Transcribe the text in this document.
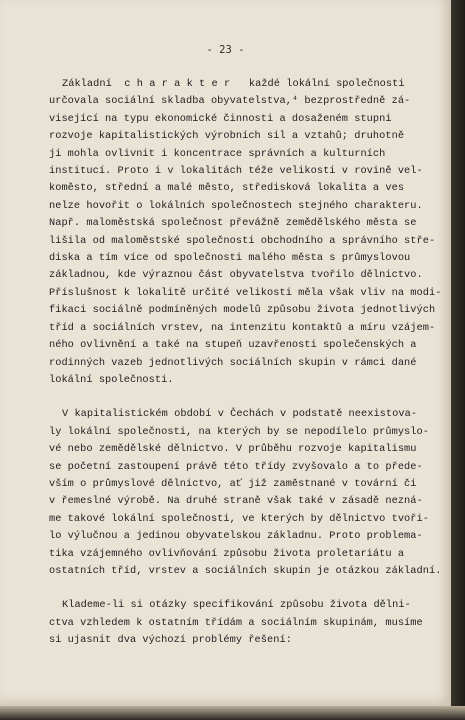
- 23 -
Základní  c h a r a k t e r   každé lokální společnosti
určovala sociální skladba obyvatelstva,⁴ bezprostředně zá-
visející na typu ekonomické činnosti a dosaženém stupni
rozvoje kapitalistických výrobních sil a vztahů; druhotně
ji mohla ovlivnit i koncentrace správních a kulturních
institucí. Proto i v lokalitách téže velikosti v rovině vel-
koměsto, střední a malé město, středisková lokalita a ves
nelze hovořit o lokálních společnostech stejného charakteru.
Např. maloměstská společnost převážně zemědělského města se
lišila od maloměstské společnosti obchodního a správního stře-
diska a tím více od společnosti malého města s průmyslovou
základnou, kde výraznou část obyvatelstva tvořilo dělnictvo.
Příslušnost k lokalitě určité velikosti měla však vliv na modi-
fikaci sociálně podmíněných modelů způsobu života jednotlivých
tříd a sociálních vrstev, na intenzitu kontaktů a míru vzájem-
ného ovlivnění a také na stupeň uzavřenosti společenských a
rodinných vazeb jednotlivých sociálních skupin v rámci dané
lokální společnosti.
V kapitalistickém období v Čechách v podstatě neexistova-
ly lokální společnosti, na kterých by se nepodílelo průmyslo-
vé nebo zemědělské dělnictvo. V průběhu rozvoje kapitalismu
se početní zastoupení právě této třídy zvyšovalo a to přede-
vším o průmyslové dělnictvo, ať již zaměstnané v tovární či
v řemeslné výrobě. Na druhé straně však také v zásadě nezná-
me takové lokální společnosti, ve kterých by dělnictvo tvoři-
lo výlučnou a jedinou obyvatelskou základnu. Proto problema-
tika vzájemného ovlivňování způsobu života proletariátu a
ostatních tříd, vrstev a sociálních skupin je otázkou základní.
Klademe-li si otázky specifikování způsobu života dělni-
ctva vzhledem k ostatním třídám a sociálním skupinám, musíme
si ujasnit dva výchozí problémy řešení:
